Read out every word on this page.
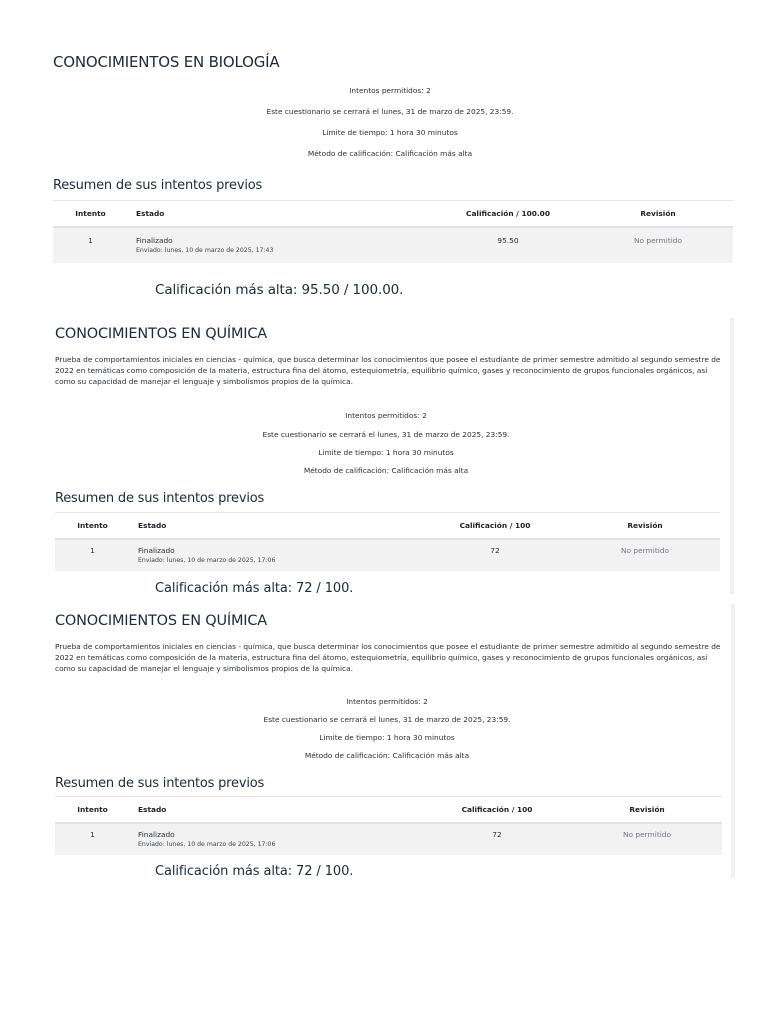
CONOCIMIENTOS EN BIOLOGÍA

Intentos permitidos: 2

Este cuestionario se cerrará el lunes, 31 de marzo de 2025, 23:59.

Límite de tiempo: 1 hora 30 minutos

Método de calificación: Calificación más alta

Resumen de sus intentos previos
Intento	Estado	Calificación / 100.00	Revisión
1	Finalizado
Enviado: lunes, 10 de marzo de 2025, 17:43	95.50	No permitido
Calificación más alta: 95.50 / 100.00.
CONOCIMIENTOS EN QUÍMICA

Prueba de comportamientos iniciales en ciencias - química, que busca determinar los conocimientos que posee el estudiante de primer semestre admitido al segundo semestre de 2022 en temáticas como composición de la materia, estructura fina del átomo, estequiometría, equilibrio químico, gases y reconocimiento de grupos funcionales orgánicos, así como su capacidad de manejar el lenguaje y simbolismos propios de la química.

Intentos permitidos: 2

Este cuestionario se cerrará el lunes, 31 de marzo de 2025, 23:59.

Limite de tiempo: 1 hora 30 minutos

Método de calificación: Calificación más alta

Resumen de sus intentos previos
Intento	Estado	Calificación / 100	Revisión
1	Finalizado
Enviado: lunes, 10 de marzo de 2025, 17:06	72	No permitido
Calificación más alta: 72 / 100.
CONOCIMIENTOS EN QUÍMICA

Prueba de comportamientos iniciales en ciencias - química, que busca determinar los conocimientos que posee el estudiante de primer semestre admitido al segundo semestre de 2022 en temáticas como composición de la materia, estructura fina del átomo, estequiometría, equilibrio químico, gases y reconocimiento de grupos funcionales orgánicos, así como su capacidad de manejar el lenguaje y simbolismos propios de la química.

Intentos permitidos: 2

Este cuestionario se cerrará el lunes, 31 de marzo de 2025, 23:59.

Limite de tiempo: 1 hora 30 minutos

Método de calificación: Calificación más alta

Resumen de sus intentos previos
Intento	Estado	Calificación / 100	Revisión
1	Finalizado
Enviado: lunes, 10 de marzo de 2025, 17:06	72	No permitido
Calificación más alta: 72 / 100.
